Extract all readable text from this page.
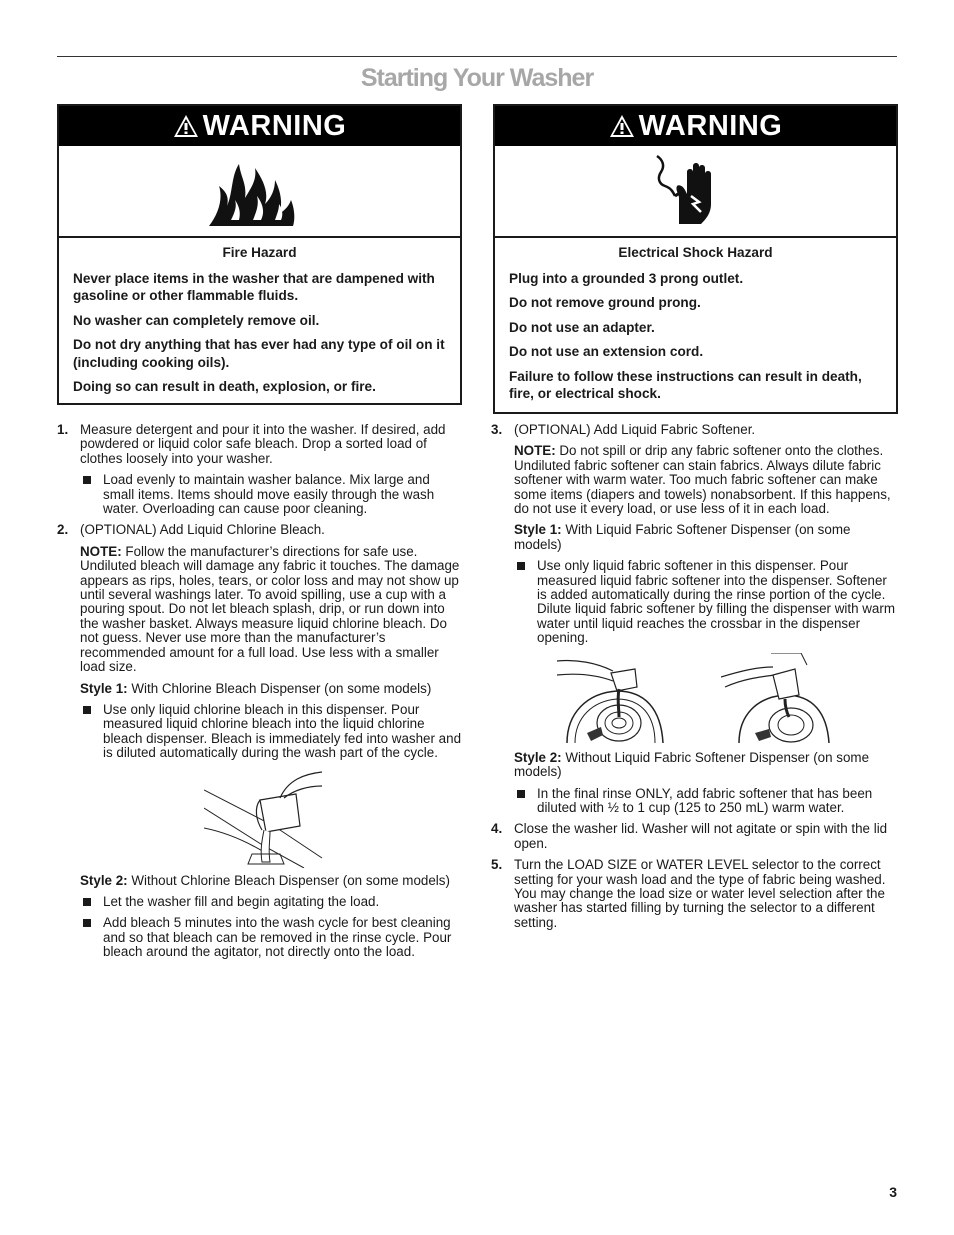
Starting Your Washer
WARNING

Fire Hazard

Never place items in the washer that are dampened with gasoline or other flammable fluids.

No washer can completely remove oil.

Do not dry anything that has ever had any type of oil on it (including cooking oils).

Doing so can result in death, explosion, or fire.

WARNING

Electrical Shock Hazard

Plug into a grounded 3 prong outlet.

Do not remove ground prong.

Do not use an adapter.

Do not use an extension cord.

Failure to follow these instructions can result in death, fire, or electrical shock.

1. Measure detergent and pour it into the washer. If desired, add powdered or liquid color safe bleach. Drop a sorted load of clothes loosely into your washer.
Load evenly to maintain washer balance. Mix large and small items. Items should move easily through the wash water. Overloading can cause poor cleaning.
2. (OPTIONAL) Add Liquid Chlorine Bleach.
NOTE: Follow the manufacturer’s directions for safe use. Undiluted bleach will damage any fabric it touches. The damage appears as rips, holes, tears, or color loss and may not show up until several washings later. To avoid spilling, use a cup with a pouring spout. Do not let bleach splash, drip, or run down into the washer basket. Always measure liquid chlorine bleach. Do not guess. Never use more than the manufacturer’s recommended amount for a full load. Use less with a smaller load size.
Style 1: With Chlorine Bleach Dispenser (on some models)
Use only liquid chlorine bleach in this dispenser. Pour measured liquid chlorine bleach into the liquid chlorine bleach dispenser. Bleach is immediately fed into washer and is diluted automatically during the wash part of the cycle.
Style 2: Without Chlorine Bleach Dispenser (on some models)
Let the washer fill and begin agitating the load.
Add bleach 5 minutes into the wash cycle for best cleaning and so that bleach can be removed in the rinse cycle. Pour bleach around the agitator, not directly onto the load.
3. (OPTIONAL) Add Liquid Fabric Softener.
NOTE: Do not spill or drip any fabric softener onto the clothes. Undiluted fabric softener can stain fabrics. Always dilute fabric softener with warm water. Too much fabric softener can make some items (diapers and towels) nonabsorbent. If this happens, do not use it every load, or use less of it in each load.
Style 1: With Liquid Fabric Softener Dispenser (on some models)
Use only liquid fabric softener in this dispenser. Pour measured liquid fabric softener into the dispenser. Softener is added automatically during the rinse portion of the cycle. Dilute liquid fabric softener by filling the dispenser with warm water until liquid reaches the crossbar in the dispenser opening.
Style 2: Without Liquid Fabric Softener Dispenser (on some models)
In the final rinse ONLY, add fabric softener that has been diluted with ½ to 1 cup (125 to 250 mL) warm water.
4. Close the washer lid. Washer will not agitate or spin with the lid open.
5. Turn the LOAD SIZE or WATER LEVEL selector to the correct setting for your wash load and the type of fabric being washed. You may change the load size or water level selection after the washer has started filling by turning the selector to a different setting.
3
